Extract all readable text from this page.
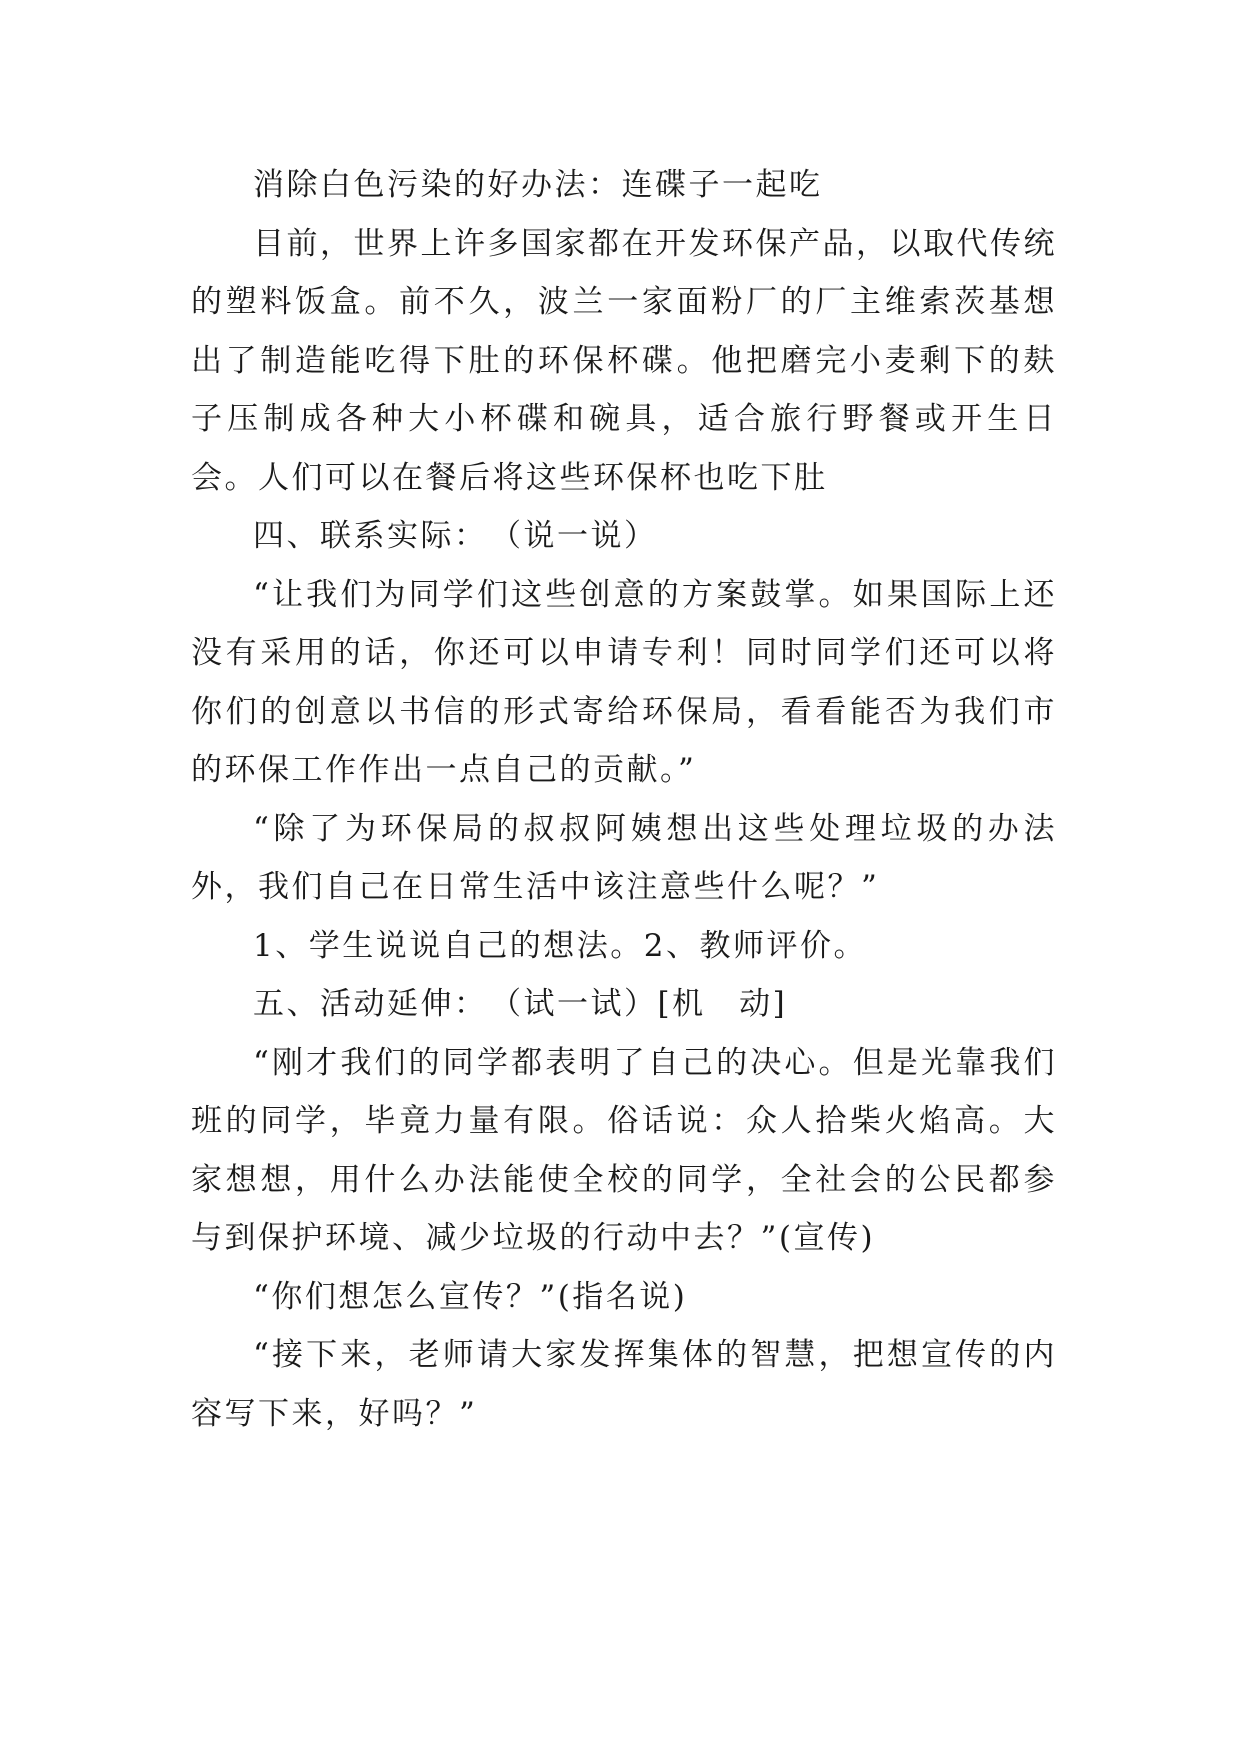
消除白色污染的好办法：连碟子一起吃

目前，世界上许多国家都在开发环保产品，以取代传统的塑料饭盒。前不久，波兰一家面粉厂的厂主维索茨基想出了制造能吃得下肚的环保杯碟。他把磨完小麦剩下的麸子压制成各种大小杯碟和碗具，适合旅行野餐或开生日会。人们可以在餐后将这些环保杯也吃下肚

四、联系实际：　（说一说）

“让我们为同学们这些创意的方案鼓掌。如果国际上还没有采用的话，你还可以申请专利！同时同学们还可以将你们的创意以书信的形式寄给环保局，看看能否为我们市的环保工作作出一点自己的贡献。”

“除了为环保局的叔叔阿姨想出这些处理垃圾的办法外，我们自己在日常生活中该注意些什么呢？”

1、学生说说自己的想法。2、教师评价。

五、活动延伸：　（试一试）[机　动]

“刚才我们的同学都表明了自己的决心。但是光靠我们班的同学，毕竟力量有限。俗话说：众人拾柴火焰高。大家想想，用什么办法能使全校的同学，全社会的公民都参与到保护环境、减少垃圾的行动中去？”(宣传)

“你们想怎么宣传？”(指名说)

“接下来，老师请大家发挥集体的智慧，把想宣传的内容写下来，好吗？”
